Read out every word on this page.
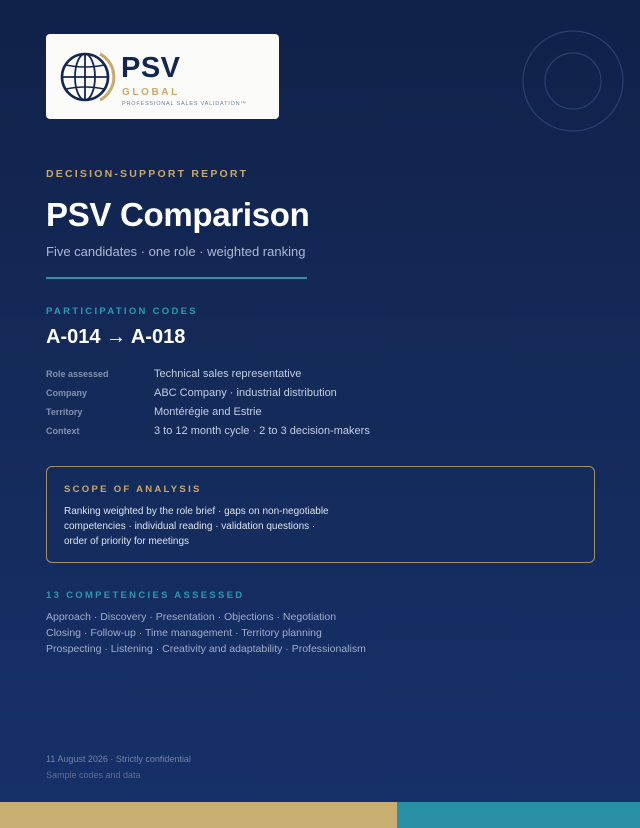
PSV
GLOBAL
PROFESSIONAL SALES VALIDATION™
DECISION-SUPPORT REPORT
PSV Comparison
Five candidates · one role · weighted ranking
PARTICIPATION CODES
A-014 → A-018
Role assessed	Technical sales representative
Company	ABC Company · industrial distribution
Territory	Montérégie and Estrie
Context	3 to 12 month cycle · 2 to 3 decision-makers
SCOPE OF ANALYSIS
Ranking weighted by the role brief · gaps on non-negotiable
competencies · individual reading · validation questions ·
order of priority for meetings
13 COMPETENCIES ASSESSED
Approach · Discovery · Presentation · Objections · Negotiation
Closing · Follow-up · Time management · Territory planning
Prospecting · Listening · Creativity and adaptability · Professionalism
11 August 2026 · Strictly confidential
Sample codes and data
